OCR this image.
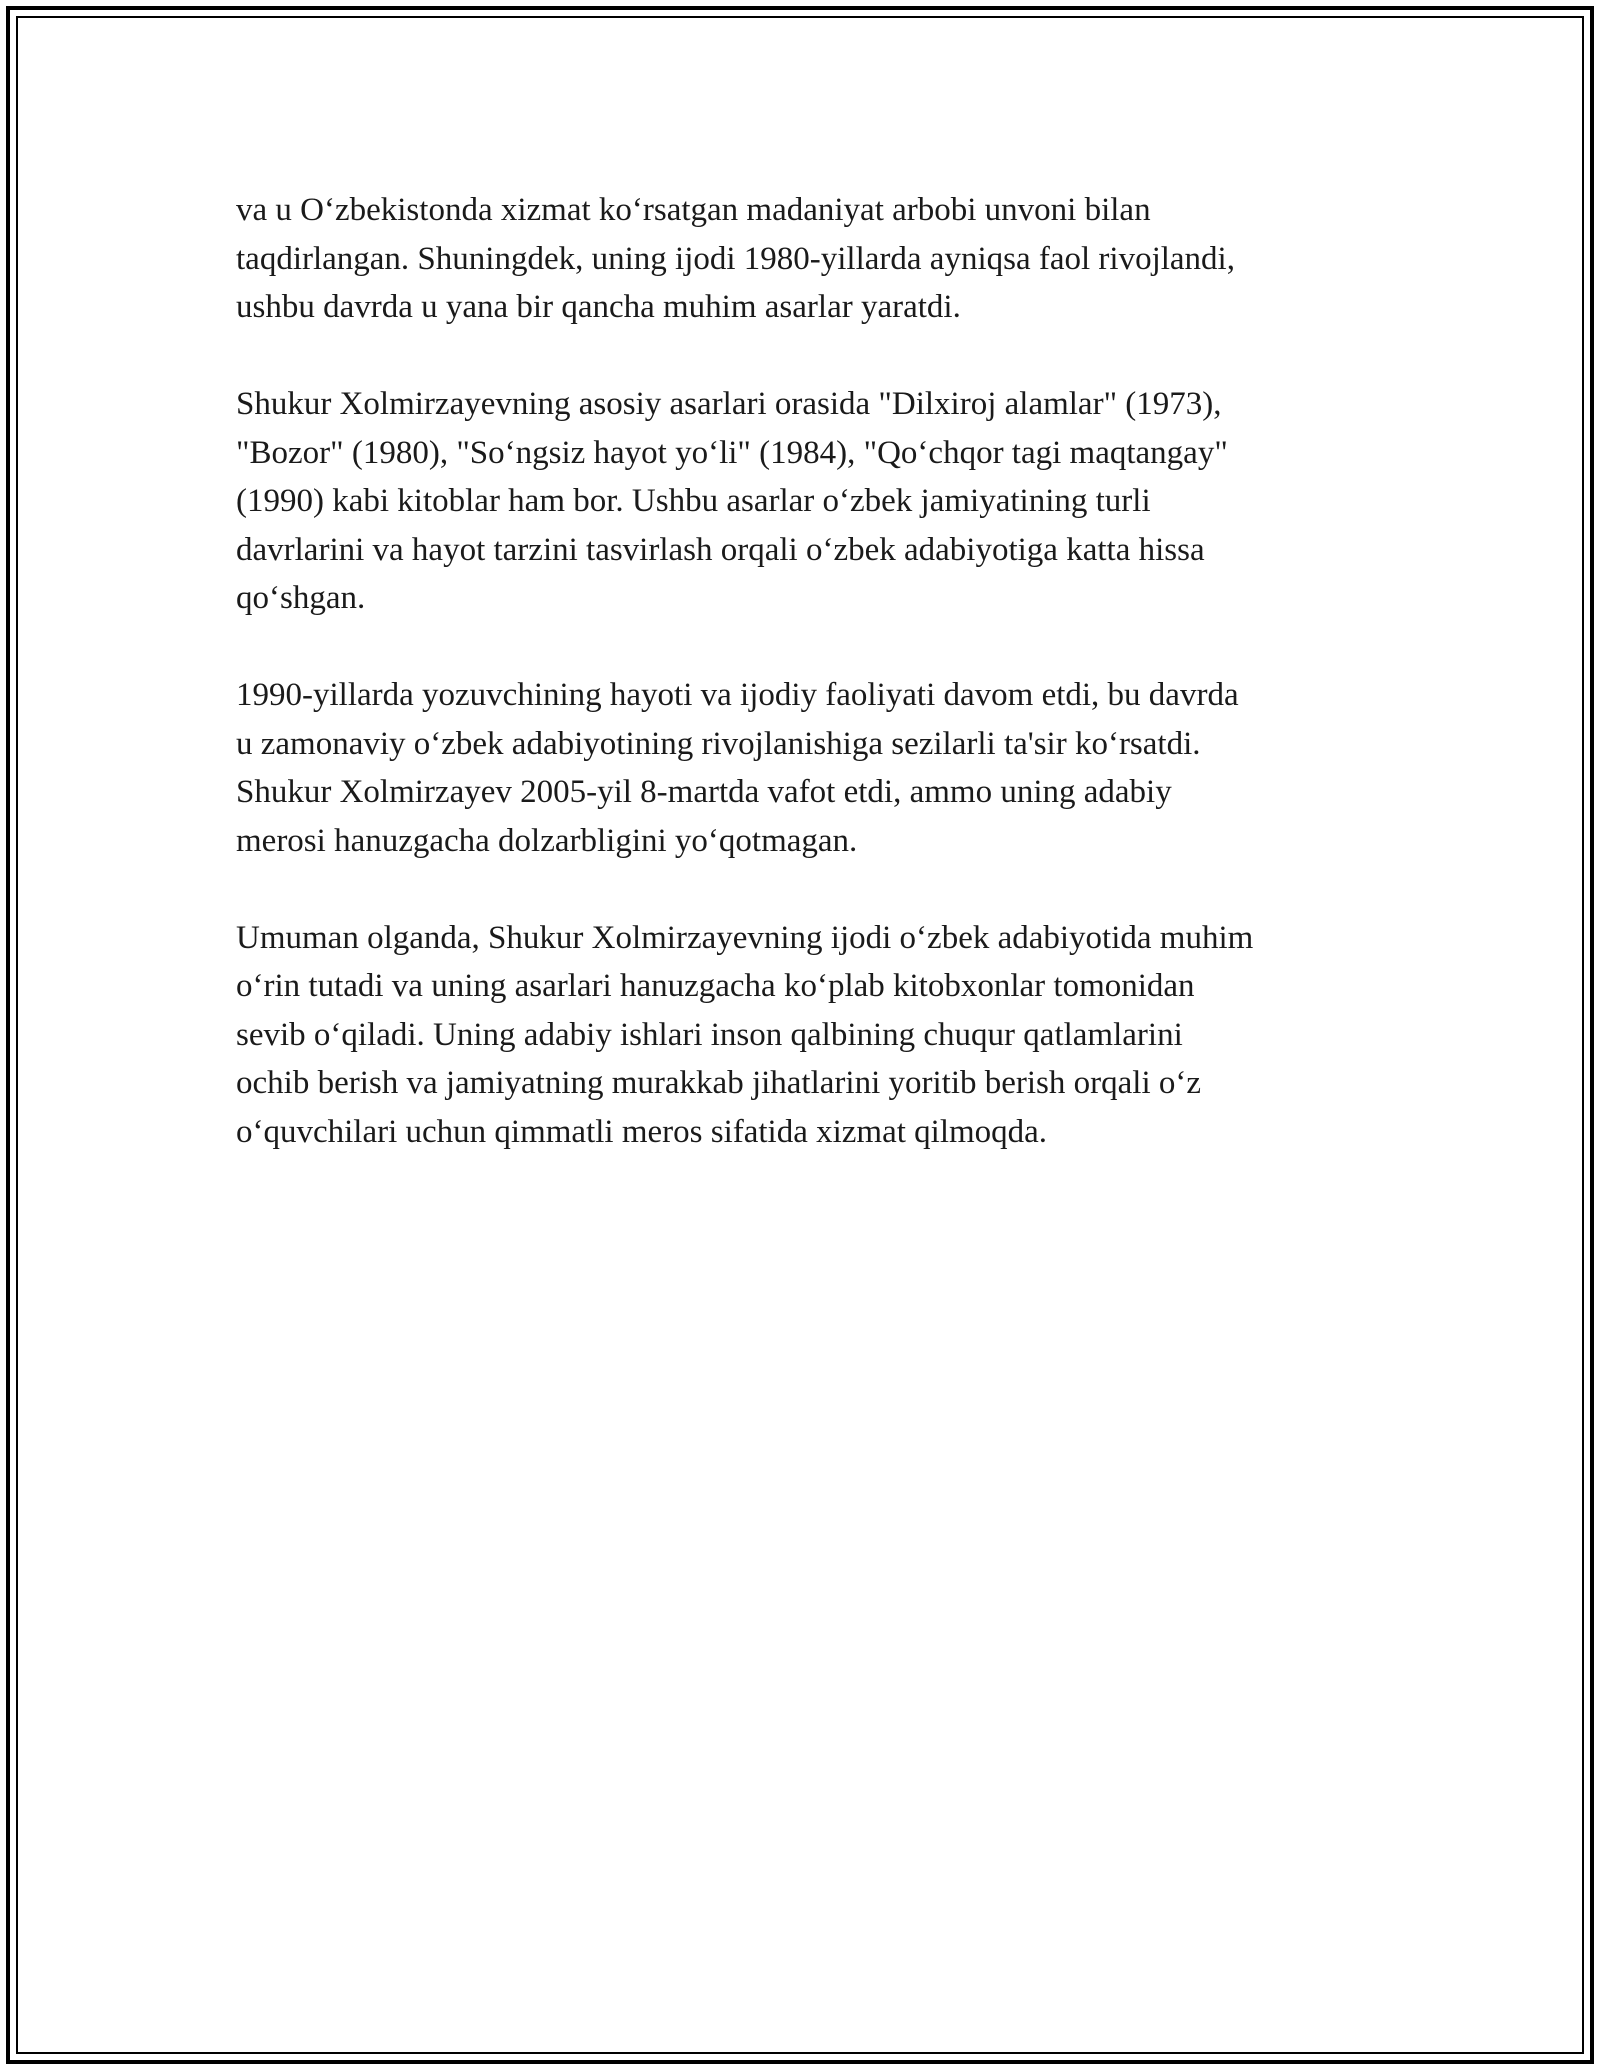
va u O‘zbekistonda xizmat ko‘rsatgan madaniyat arbobi unvoni bilan
taqdirlangan. Shuningdek, uning ijodi 1980-yillarda ayniqsa faol rivojlandi,
ushbu davrda u yana bir qancha muhim asarlar yaratdi.

Shukur Xolmirzayevning asosiy asarlari orasida "Dilxiroj alamlar" (1973),
"Bozor" (1980), "So‘ngsiz hayot yo‘li" (1984), "Qo‘chqor tagi maqtangay"
(1990) kabi kitoblar ham bor. Ushbu asarlar o‘zbek jamiyatining turli
davrlarini va hayot tarzini tasvirlash orqali o‘zbek adabiyotiga katta hissa
qo‘shgan.

1990-yillarda yozuvchining hayoti va ijodiy faoliyati davom etdi, bu davrda
u zamonaviy o‘zbek adabiyotining rivojlanishiga sezilarli ta'sir ko‘rsatdi.
Shukur Xolmirzayev 2005-yil 8-martda vafot etdi, ammo uning adabiy
merosi hanuzgacha dolzarbligini yo‘qotmagan.

Umuman olganda, Shukur Xolmirzayevning ijodi o‘zbek adabiyotida muhim
o‘rin tutadi va uning asarlari hanuzgacha ko‘plab kitobxonlar tomonidan
sevib o‘qiladi. Uning adabiy ishlari inson qalbining chuqur qatlamlarini
ochib berish va jamiyatning murakkab jihatlarini yoritib berish orqali o‘z
o‘quvchilari uchun qimmatli meros sifatida xizmat qilmoqda.
